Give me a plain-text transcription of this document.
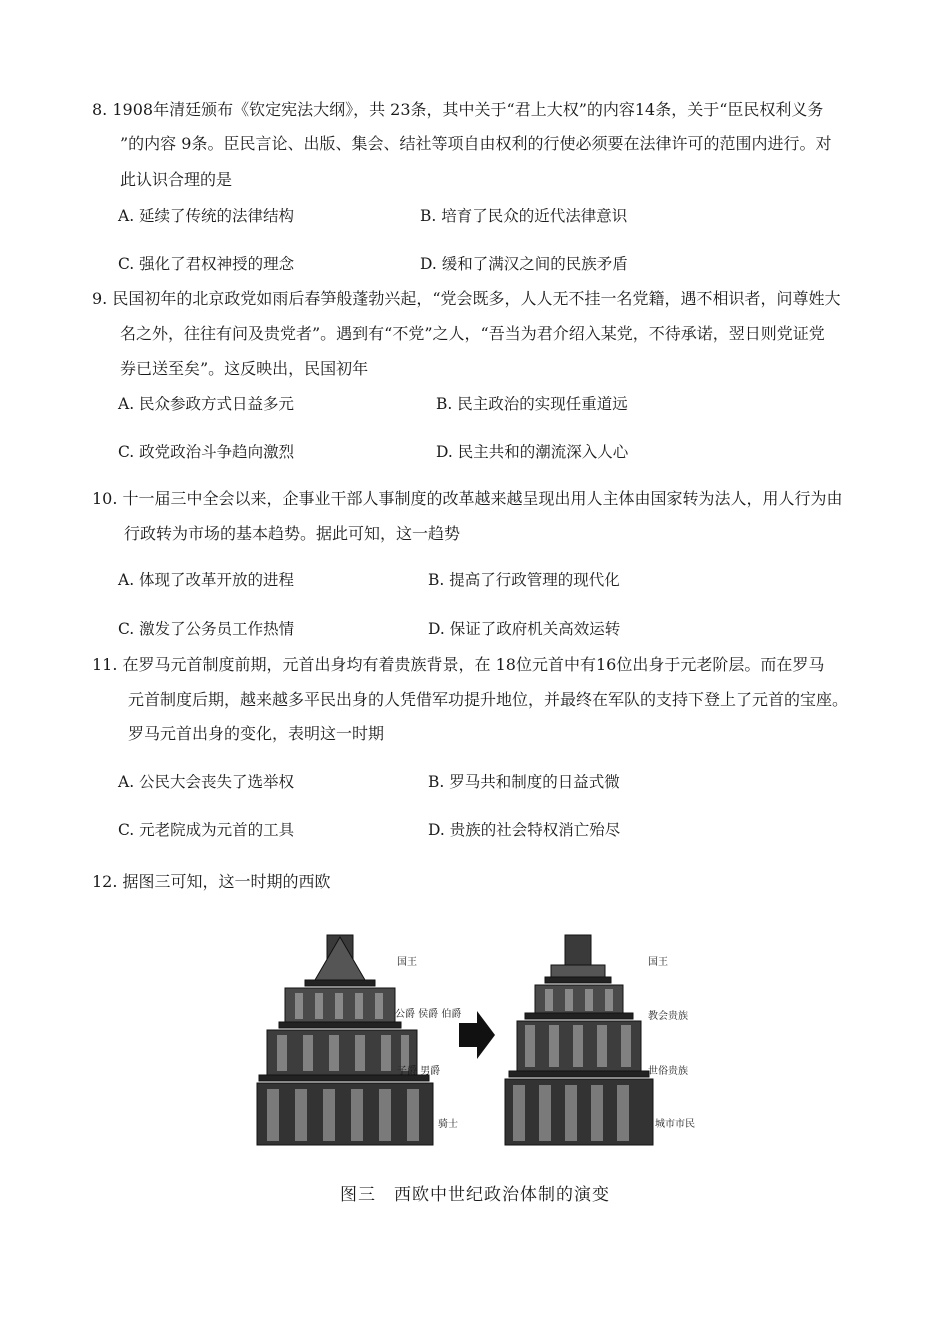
8. 1908年清廷颁布《钦定宪法大纲》，共 23条，其中关于“君上大权”的内容14条，关于“臣民权利义务
”的内容 9条。臣民言论、出版、集会、结社等项自由权利的行使必须要在法律许可的范围内进行。对
此认识合理的是
A. 延续了传统的法律结构	B. 培育了民众的近代法律意识
C. 强化了君权神授的理念	D. 缓和了满汉之间的民族矛盾
9. 民国初年的北京政党如雨后春笋般蓬勃兴起，“党会既多，人人无不挂一名党籍，遇不相识者，问尊姓大
名之外，往往有问及贵党者”。遇到有“不党”之人，“吾当为君介绍入某党，不待承诺，翌日则党证党
券已送至矣”。这反映出，民国初年
A. 民众参政方式日益多元	B. 民主政治的实现任重道远
C. 政党政治斗争趋向激烈	D. 民主共和的潮流深入人心
10. 十一届三中全会以来，企事业干部人事制度的改革越来越呈现出用人主体由国家转为法人，用人行为由
行政转为市场的基本趋势。据此可知，这一趋势
A. 体现了改革开放的进程	B. 提高了行政管理的现代化
C. 激发了公务员工作热情	D. 保证了政府机关高效运转
11. 在罗马元首制度前期，元首出身均有着贵族背景，在 18位元首中有16位出身于元老阶层。而在罗马
元首制度后期，越来越多平民出身的人凭借军功提升地位，并最终在军队的支持下登上了元首的宝座。
罗马元首出身的变化，表明这一时期
A. 公民大会丧失了选举权	B. 罗马共和制度的日益式微
C. 元老院成为元首的工具	D. 贵族的社会特权消亡殆尽
12. 据图三可知，这一时期的西欧
国王
公爵 侯爵 伯爵
子爵 男爵
骑士
国王
教会贵族
世俗贵族
城市市民
图三　西欧中世纪政治体制的演变
